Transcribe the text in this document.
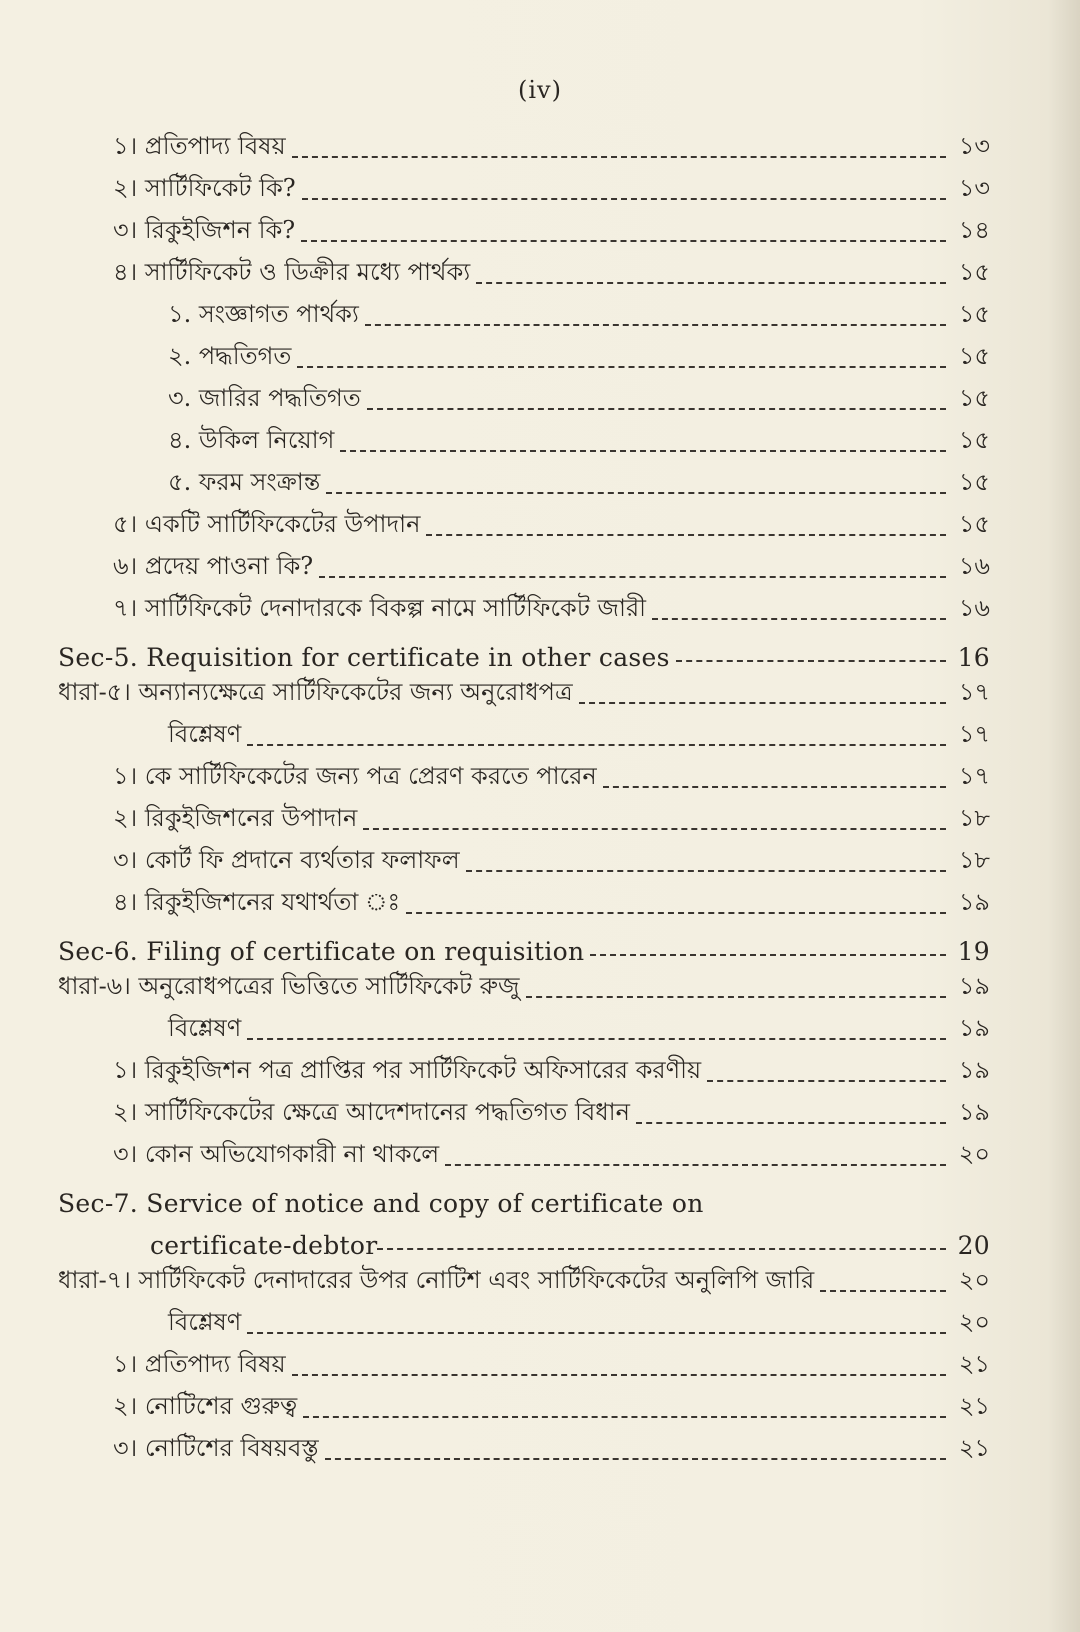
(iv)
১। প্রতিপাদ্য বিষয়	১৩
২। সার্টিফিকেট কি?	১৩
৩। রিকুইজিশন কি?	১৪
৪। সার্টিফিকেট ও ডিক্রীর মধ্যে পার্থক্য	১৫
১. সংজ্ঞাগত পার্থক্য	১৫
২. পদ্ধতিগত	১৫
৩. জারির পদ্ধতিগত	১৫
৪. উকিল নিয়োগ	১৫
৫. ফরম সংক্রান্ত	১৫
৫। একটি সার্টিফিকেটের উপাদান	১৫
৬। প্রদেয় পাওনা কি?	১৬
৭। সার্টিফিকেট দেনাদারকে বিকল্প নামে সার্টিফিকেট জারী	১৬
Sec-5. Requisition for certificate in other cases	16
ধারা-৫। অন্যান্যক্ষেত্রে সার্টিফিকেটের জন্য অনুরোধপত্র	১৭
বিশ্লেষণ	১৭
১। কে সার্টিফিকেটের জন্য পত্র প্রেরণ করতে পারেন	১৭
২। রিকুইজিশনের উপাদান	১৮
৩। কোর্ট ফি প্রদানে ব্যর্থতার ফলাফল	১৮
৪। রিকুইজিশনের যথার্থতা ঃ	১৯
Sec-6. Filing of certificate on requisition	19
ধারা-৬। অনুরোধপত্রের ভিত্তিতে সার্টিফিকেট রুজু	১৯
বিশ্লেষণ	১৯
১। রিকুইজিশন পত্র প্রাপ্তির পর সার্টিফিকেট অফিসারের করণীয়	১৯
২। সার্টিফিকেটের ক্ষেত্রে আদেশদানের পদ্ধতিগত বিধান	১৯
৩। কোন অভিযোগকারী না থাকলে	২০
Sec-7. Service of notice and copy of certificate on
certificate-debtor	20
ধারা-৭। সার্টিফিকেট দেনাদারের উপর নোটিশ এবং সার্টিফিকেটের অনুলিপি জারি	২০
বিশ্লেষণ	২০
১। প্রতিপাদ্য বিষয়	২১
২। নোটিশের গুরুত্ব	২১
৩। নোটিশের বিষয়বস্তু	২১
